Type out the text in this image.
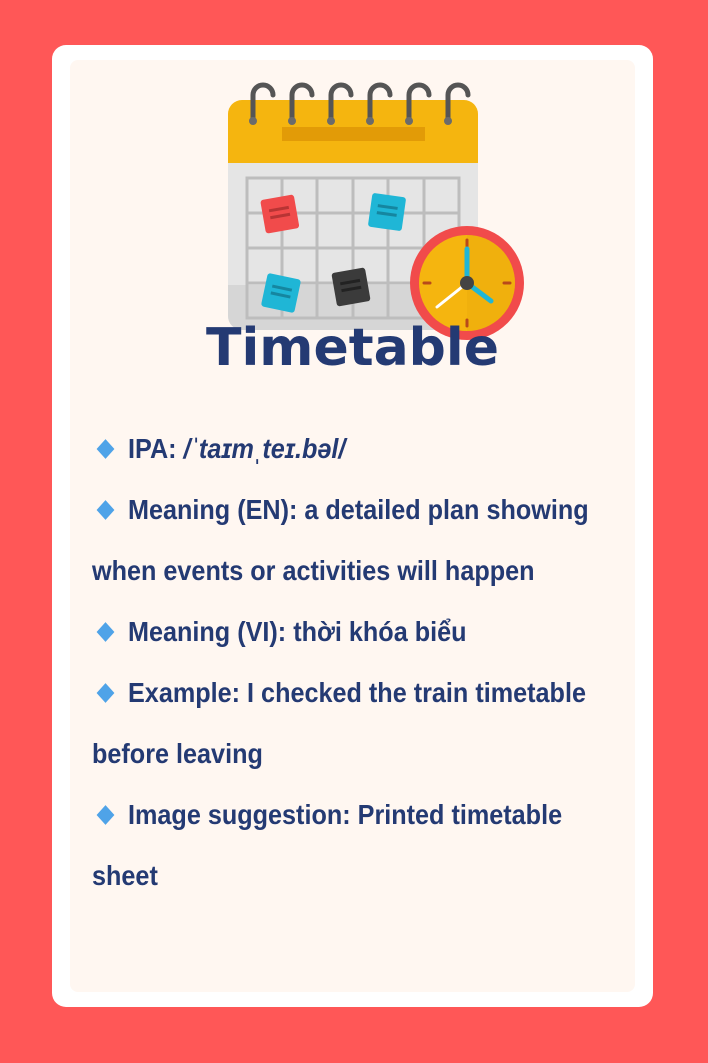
Timetable

IPA: /ˈtaɪmˌteɪ.bəl/

Meaning (EN): a detailed plan showing when events or activities will happen

Meaning (VI): thời khóa biểu

Example: I checked the train timetable before leaving

Image suggestion: Printed timetable sheet
